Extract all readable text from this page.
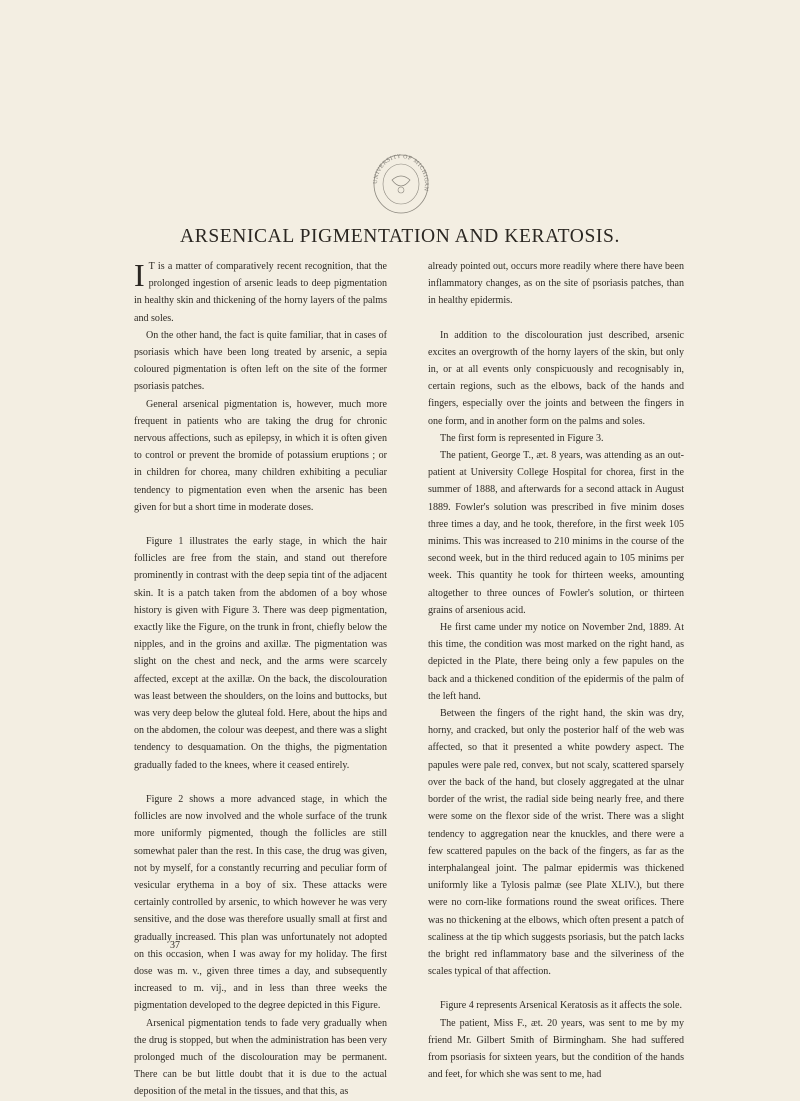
UNIVERSITY OF MICHIGAN
ARSENICAL PIGMENTATION AND KERATOSIS.

I T is a matter of comparatively recent recognition, that the prolonged ingestion of arsenic leads to deep pigmentation in healthy skin and thickening of the horny layers of the palms and soles.

On the other hand, the fact is quite familiar, that in cases of psoriasis which have been long treated by arsenic, a sepia coloured pigmentation is often left on the site of the former psoriasis patches.

General arsenical pigmentation is, however, much more frequent in patients who are taking the drug for chronic nervous affections, such as epilepsy, in which it is often given to control or prevent the bromide of potassium eruptions ; or in children for chorea, many children exhibiting a peculiar tendency to pigmentation even when the arsenic has been given for but a short time in moderate doses.

Figure 1 illustrates the early stage, in which the hair follicles are free from the stain, and stand out therefore prominently in contrast with the deep sepia tint of the adjacent skin. It is a patch taken from the abdomen of a boy whose history is given with Figure 3. There was deep pigmentation, exactly like the Figure, on the trunk in front, chiefly below the nipples, and in the groins and axillæ. The pigmentation was slight on the chest and neck, and the arms were scarcely affected, except at the axillæ. On the back, the discolouration was least between the shoulders, on the loins and buttocks, but was very deep below the gluteal fold. Here, about the hips and on the abdomen, the colour was deepest, and there was a slight tendency to desquamation. On the thighs, the pigmentation gradually faded to the knees, where it ceased entirely.

Figure 2 shows a more advanced stage, in which the follicles are now involved and the whole surface of the trunk more uniformly pigmented, though the follicles are still somewhat paler than the rest. In this case, the drug was given, not by myself, for a constantly recurring and peculiar form of vesicular erythema in a boy of six. These attacks were certainly controlled by arsenic, to which however he was very sensitive, and the dose was therefore usually small at first and gradually increased. This plan was unfortunately not adopted on this occasion, when I was away for my holiday. The first dose was m. v., given three times a day, and subsequently increased to m. vij., and in less than three weeks the pigmentation developed to the degree depicted in this Figure.

Arsenical pigmentation tends to fade very gradually when the drug is stopped, but when the administration has been very prolonged much of the discolouration may be permanent. There can be but little doubt that it is due to the actual deposition of the metal in the tissues, and that this, as

37

already pointed out, occurs more readily where there have been inflammatory changes, as on the site of psoriasis patches, than in healthy epidermis.

In addition to the discolouration just described, arsenic excites an overgrowth of the horny layers of the skin, but only in, or at all events only conspicuously and recognisably in, certain regions, such as the elbows, back of the hands and fingers, especially over the joints and between the fingers in one form, and in another form on the palms and soles.

The first form is represented in Figure 3.

The patient, George T., æt. 8 years, was attending as an out-patient at University College Hospital for chorea, first in the summer of 1888, and afterwards for a second attack in August 1889. Fowler's solution was prescribed in five minim doses three times a day, and he took, therefore, in the first week 105 minims. This was increased to 210 minims in the course of the second week, but in the third reduced again to 105 minims per week. This quantity he took for thirteen weeks, amounting altogether to three ounces of Fowler's solution, or thirteen grains of arsenious acid.

He first came under my notice on November 2nd, 1889. At this time, the condition was most marked on the right hand, as depicted in the Plate, there being only a few papules on the back and a thickened condition of the epidermis of the palm of the left hand.

Between the fingers of the right hand, the skin was dry, horny, and cracked, but only the posterior half of the web was affected, so that it presented a white powdery aspect. The papules were pale red, convex, but not scaly, scattered sparsely over the back of the hand, but closely aggregated at the ulnar border of the wrist, the radial side being nearly free, and there were some on the flexor side of the wrist. There was a slight tendency to aggregation near the knuckles, and there were a few scattered papules on the back of the fingers, as far as the interphalangeal joint. The palmar epidermis was thickened uniformly like a Tylosis palmæ (see Plate XLIV.), but there were no corn-like formations round the sweat orifices. There was no thickening at the elbows, which often present a patch of scaliness at the tip which suggests psoriasis, but the patch lacks the bright red inflammatory base and the silveriness of the scales typical of that affection.

Figure 4 represents Arsenical Keratosis as it affects the sole.

The patient, Miss F., æt. 20 years, was sent to me by my friend Mr. Gilbert Smith of Birmingham. She had suffered from psoriasis for sixteen years, but the condition of the hands and feet, for which she was sent to me, had
